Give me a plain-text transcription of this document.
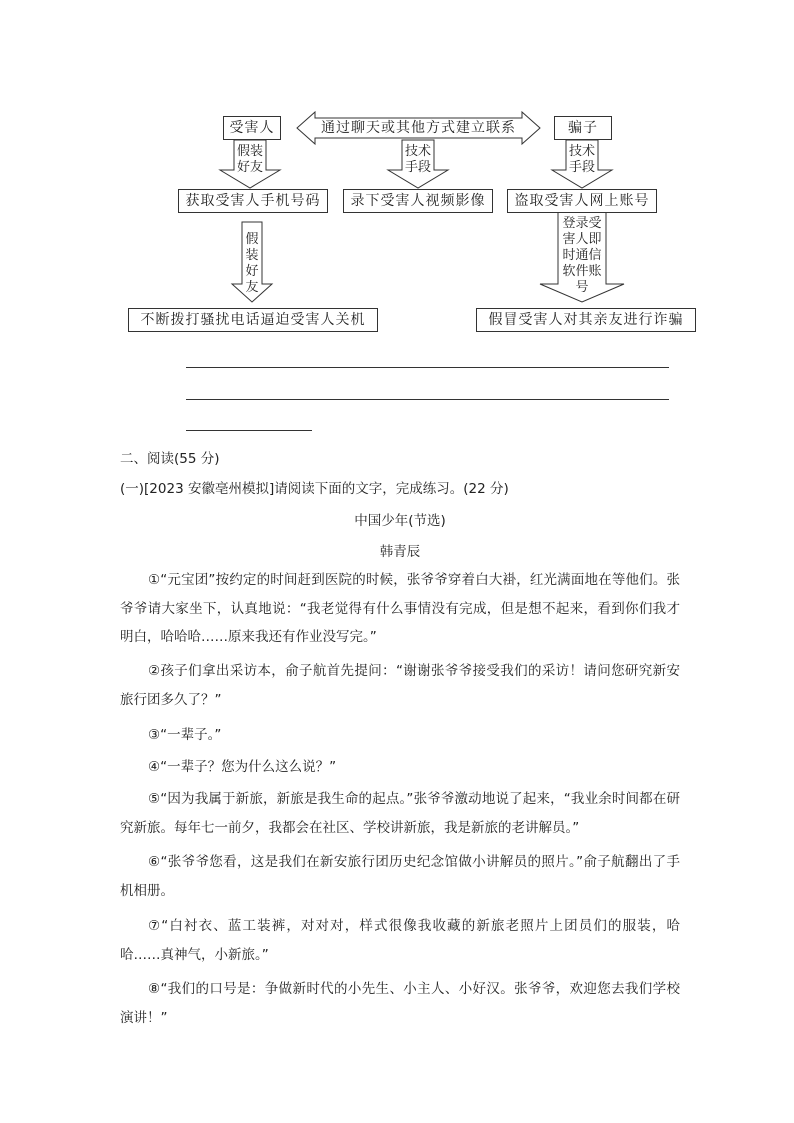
受害人	通过聊天或其他方式建立联系	骗子
假装
好友
技术
手段
技术
手段
获取受害人手机号码	录下受害人视频影像	盗取受害人网上账号
假
装
好
友
登录受
害人即
时通信
软件账
号
不断拨打骚扰电话逼迫受害人关机	假冒受害人对其亲友进行诈骗
二、阅读(55 分)
(一)[2023 安徽亳州模拟]请阅读下面的文字，完成练习。(22 分)
中国少年(节选)
韩青辰
①“元宝团”按约定的时间赶到医院的时候，张爷爷穿着白大褂，红光满面地在等他们。张爷爷请大家坐下，认真地说：“我老觉得有什么事情没有完成，但是想不起来，看到你们我才明白，哈哈哈……原来我还有作业没写完。”
②孩子们拿出采访本，俞子航首先提问：“谢谢张爷爷接受我们的采访！请问您研究新安旅行团多久了？”
③“一辈子。”
④“一辈子？您为什么这么说？”
⑤“因为我属于新旅，新旅是我生命的起点。”张爷爷激动地说了起来，“我业余时间都在研究新旅。每年七一前夕，我都会在社区、学校讲新旅，我是新旅的老讲解员。”
⑥“张爷爷您看，这是我们在新安旅行团历史纪念馆做小讲解员的照片。”俞子航翻出了手机相册。
⑦“白衬衣、蓝工装裤，对对对，样式很像我收藏的新旅老照片上团员们的服装，哈哈……真神气，小新旅。”
⑧“我们的口号是：争做新时代的小先生、小主人、小好汉。张爷爷，欢迎您去我们学校演讲！”
